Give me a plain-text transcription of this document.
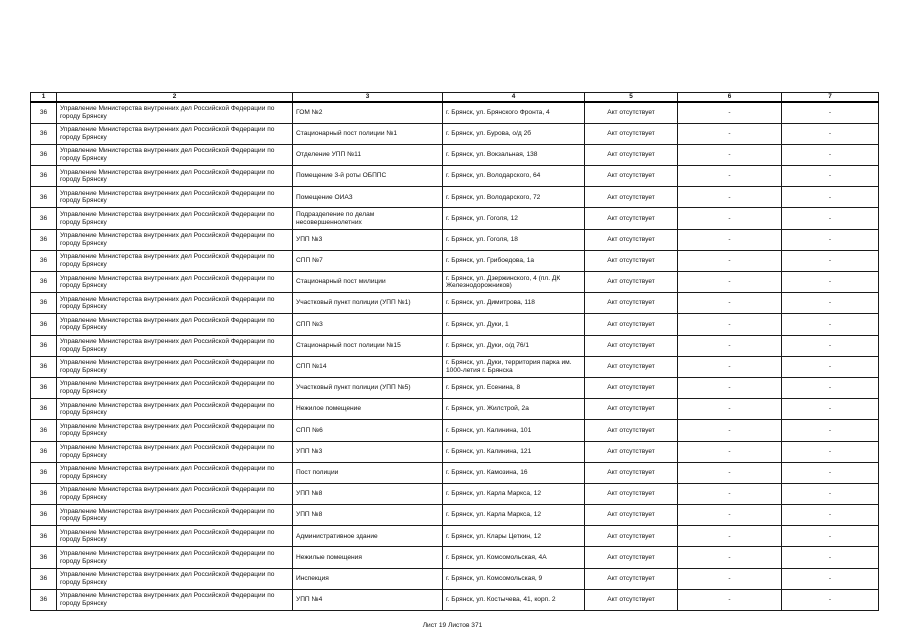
1	2	3	4	5	6	7
36	Управление Министерства внутренних дел Российской Федерации по городу Брянску	ГОМ №2	г. Брянск, ул. Брянского Фронта, 4	Акт отсутствует	-	-
36	Управление Министерства внутренних дел Российской Федерации по городу Брянску	Стационарный пост полиции №1	г. Брянск, ул. Бурова, о/д 2б	Акт отсутствует	-	-
36	Управление Министерства внутренних дел Российской Федерации по городу Брянску	Отделение УПП №11	г. Брянск, ул. Вокзальная, 138	Акт отсутствует	-	-
36	Управление Министерства внутренних дел Российской Федерации по городу Брянску	Помещение 3-й роты ОБППС	г. Брянск, ул. Володарского, 64	Акт отсутствует	-	-
36	Управление Министерства внутренних дел Российской Федерации по городу Брянску	Помещение ОИАЗ	г. Брянск, ул. Володарского, 72	Акт отсутствует	-	-
36	Управление Министерства внутренних дел Российской Федерации по городу Брянску	Подразделение по делам несовершеннолетних	г. Брянск, ул. Гоголя, 12	Акт отсутствует	-	-
36	Управление Министерства внутренних дел Российской Федерации по городу Брянску	УПП №3	г. Брянск, ул. Гоголя, 18	Акт отсутствует	-	-
36	Управление Министерства внутренних дел Российской Федерации по городу Брянску	СПП №7	г. Брянск, ул. Грибоедова, 1а	Акт отсутствует	-	-
36	Управление Министерства внутренних дел Российской Федерации по городу Брянску	Стационарный пост милиции	г. Брянск, ул. Дзержинского, 4 (пл. ДК Железнодорожников)	Акт отсутствует	-	-
36	Управление Министерства внутренних дел Российской Федерации по городу Брянску	Участковый пункт полиции (УПП №1)	г. Брянск, ул. Димитрова, 118	Акт отсутствует	-	-
36	Управление Министерства внутренних дел Российской Федерации по городу Брянску	СПП №3	г. Брянск, ул. Дуки, 1	Акт отсутствует	-	-
36	Управление Министерства внутренних дел Российской Федерации по городу Брянску	Стационарный пост полиции №15	г. Брянск, ул. Дуки, о/д 76/1	Акт отсутствует	-	-
36	Управление Министерства внутренних дел Российской Федерации по городу Брянску	СПП №14	г. Брянск, ул. Дуки, территория парка им. 1000-летия г. Брянска	Акт отсутствует	-	-
36	Управление Министерства внутренних дел Российской Федерации по городу Брянску	Участковый пункт полиции (УПП №5)	г. Брянск, ул. Есенина, 8	Акт отсутствует	-	-
36	Управление Министерства внутренних дел Российской Федерации по городу Брянску	Нежилое помещение	г. Брянск, ул. Жилстрой, 2а	Акт отсутствует	-	-
36	Управление Министерства внутренних дел Российской Федерации по городу Брянску	СПП №6	г. Брянск, ул. Калинина, 101	Акт отсутствует	-	-
36	Управление Министерства внутренних дел Российской Федерации по городу Брянску	УПП №3	г. Брянск, ул. Калинина, 121	Акт отсутствует	-	-
36	Управление Министерства внутренних дел Российской Федерации по городу Брянску	Пост полиции	г. Брянск, ул. Камозина, 16	Акт отсутствует	-	-
36	Управление Министерства внутренних дел Российской Федерации по городу Брянску	УПП №8	г. Брянск, ул. Карла Маркса, 12	Акт отсутствует	-	-
36	Управление Министерства внутренних дел Российской Федерации по городу Брянску	УПП №8	г. Брянск, ул. Карла Маркса, 12	Акт отсутствует	-	-
36	Управление Министерства внутренних дел Российской Федерации по городу Брянску	Административное здание	г. Брянск, ул. Клары Цеткин, 12	Акт отсутствует	-	-
36	Управление Министерства внутренних дел Российской Федерации по городу Брянску	Нежилые помещения	г. Брянск, ул. Комсомольская, 4А	Акт отсутствует	-	-
36	Управление Министерства внутренних дел Российской Федерации по городу Брянску	Инспекция	г. Брянск, ул. Комсомольская, 9	Акт отсутствует	-	-
36	Управление Министерства внутренних дел Российской Федерации по городу Брянску	УПП №4	г. Брянск, ул. Костычева, 41, корп. 2	Акт отсутствует	-	-
Лист 19 Листов 371
